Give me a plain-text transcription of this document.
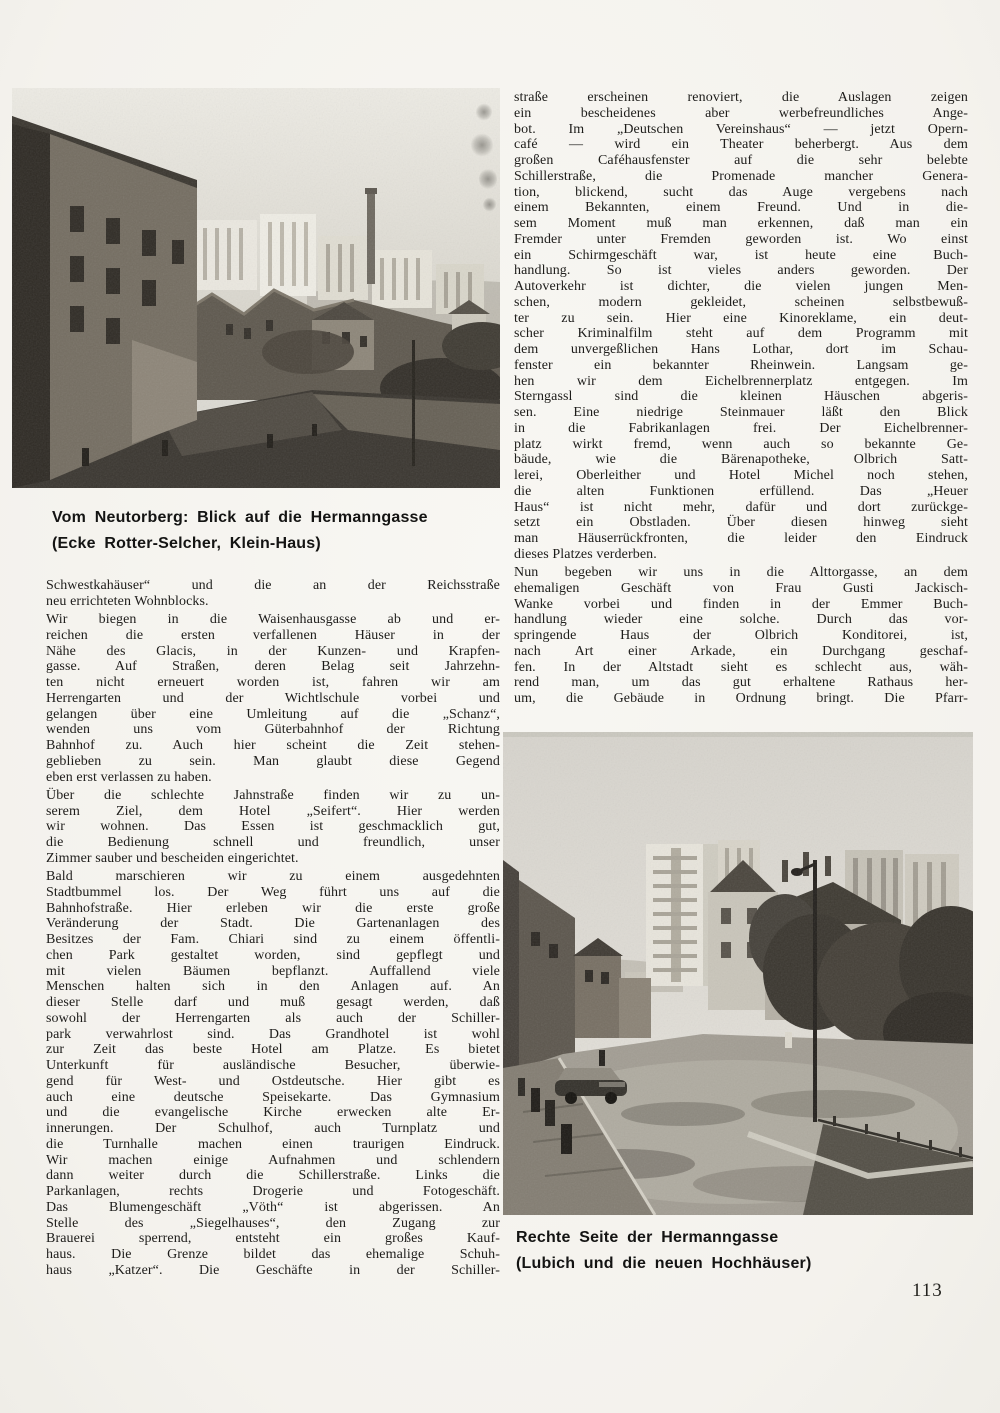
Vom Neutorberg: Blick auf die Hermanngasse
(Ecke Rotter-Selcher, Klein-Haus)
Schwestkahäuser“ und die an der Reichsstraße
neu errichteten Wohnblocks.
Wir biegen in die Waisenhausgasse ab und er-
reichen die ersten verfallenen Häuser in der
Nähe des Glacis, in der Kunzen- und Krapfen-
gasse. Auf Straßen, deren Belag seit Jahrzehn-
ten nicht erneuert worden ist, fahren wir am
Herrengarten und der Wichtlschule vorbei und
gelangen über eine Umleitung auf die „Schanz“,
wenden uns vom Güterbahnhof der Richtung
Bahnhof zu. Auch hier scheint die Zeit stehen-
geblieben zu sein. Man glaubt diese Gegend
eben erst verlassen zu haben.
Über die schlechte Jahnstraße finden wir zu un-
serem Ziel, dem Hotel „Seifert“. Hier werden
wir wohnen. Das Essen ist geschmacklich gut,
die Bedienung schnell und freundlich, unser
Zimmer sauber und bescheiden eingerichtet.
Bald marschieren wir zu einem ausgedehnten
Stadtbummel los. Der Weg führt uns auf die
Bahnhofstraße. Hier erleben wir die erste große
Veränderung der Stadt. Die Gartenanlagen des
Besitzes der Fam. Chiari sind zu einem öffentli-
chen Park gestaltet worden, sind gepflegt und
mit vielen Bäumen bepflanzt. Auffallend viele
Menschen halten sich in den Anlagen auf. An
dieser Stelle darf und muß gesagt werden, daß
sowohl der Herrengarten als auch der Schiller-
park verwahrlost sind. Das Grandhotel ist wohl
zur Zeit das beste Hotel am Platze. Es bietet
Unterkunft für ausländische Besucher, überwie-
gend für West- und Ostdeutsche. Hier gibt es
auch eine deutsche Speisekarte. Das Gymnasium
und die evangelische Kirche erwecken alte Er-
innerungen. Der Schulhof, auch Turnplatz und
die Turnhalle machen einen traurigen Eindruck.
Wir machen einige Aufnahmen und schlendern
dann weiter durch die Schillerstraße. Links die
Parkanlagen, rechts Drogerie und Fotogeschäft.
Das Blumengeschäft „Vöth“ ist abgerissen. An
Stelle des „Siegelhauses“, den Zugang zur
Brauerei sperrend, entsteht ein großes Kauf-
haus. Die Grenze bildet das ehemalige Schuh-
haus „Katzer“. Die Geschäfte in der Schiller-
straße erscheinen renoviert, die Auslagen zeigen
ein bescheidenes aber werbefreundliches Ange-
bot. Im „Deutschen Vereinshaus“ — jetzt Opern-
café — wird ein Theater beherbergt. Aus dem
großen Caféhausfenster auf die sehr belebte
Schillerstraße, die Promenade mancher Genera-
tion, blickend, sucht das Auge vergebens nach
einem Bekannten, einem Freund. Und in die-
sem Moment muß man erkennen, daß man ein
Fremder unter Fremden geworden ist. Wo einst
ein Schirmgeschäft war, ist heute eine Buch-
handlung. So ist vieles anders geworden. Der
Autoverkehr ist dichter, die vielen jungen Men-
schen, modern gekleidet, scheinen selbstbewuß-
ter zu sein. Hier eine Kinoreklame, ein deut-
scher Kriminalfilm steht auf dem Programm mit
dem unvergeßlichen Hans Lothar, dort im Schau-
fenster ein bekannter Rheinwein. Langsam ge-
hen wir dem Eichelbrennerplatz entgegen. Im
Sterngassl sind die kleinen Häuschen abgeris-
sen. Eine niedrige Steinmauer läßt den Blick
in die Fabrikanlagen frei. Der Eichelbrenner-
platz wirkt fremd, wenn auch so bekannte Ge-
bäude, wie die Bärenapotheke, Olbrich Satt-
lerei, Oberleither und Hotel Michel noch stehen,
die alten Funktionen erfüllend. Das „Heuer
Haus“ ist nicht mehr, dafür und dort zurückge-
setzt ein Obstladen. Über diesen hinweg sieht
man Häuserrückfronten, die leider den Eindruck
dieses Platzes verderben.
Nun begeben wir uns in die Alttorgasse, an dem
ehemaligen Geschäft von Frau Gusti Jackisch-
Wanke vorbei und finden in der Emmer Buch-
handlung wieder eine solche. Durch das vor-
springende Haus der Olbrich Konditorei, ist,
nach Art einer Arkade, ein Durchgang geschaf-
fen. In der Altstadt sieht es schlecht aus, wäh-
rend man, um das gut erhaltene Rathaus her-
um, die Gebäude in Ordnung bringt. Die Pfarr-
Rechte Seite der Hermanngasse
(Lubich und die neuen Hochhäuser)
113
